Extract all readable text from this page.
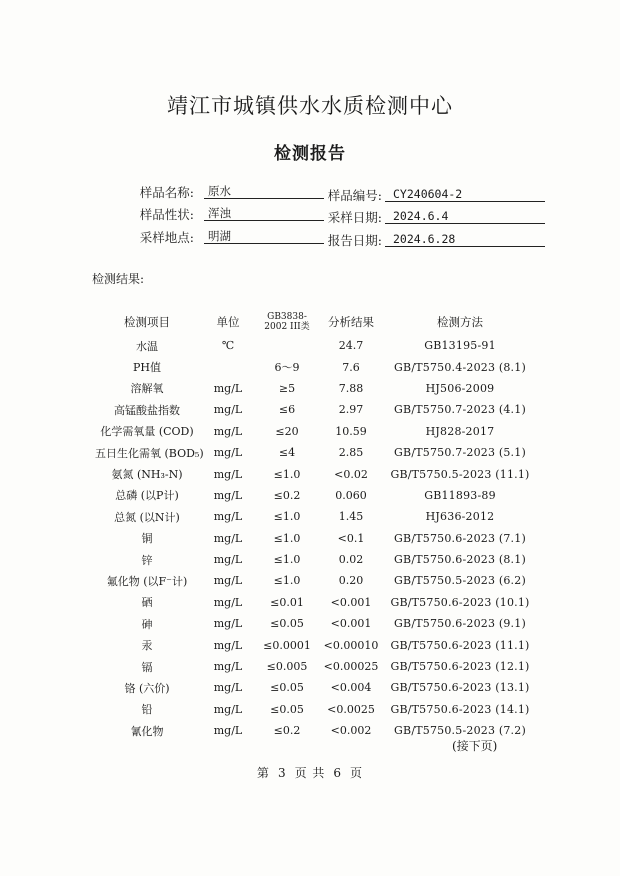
靖江市城镇供水水质检测中心
检测报告
样品名称:	原水	样品编号: CY240604-2
样品性状:	浑浊	采样日期: 2024.6.4
采样地点:	明湖	报告日期: 2024.6.28
检测结果:
检测项目	单位	GB3838-2002 III类	分析结果	检测方法
水温	℃		24.7	GB13195-91
PH值		6～9	7.6	GB/T5750.4-2023 (8.1)
溶解氧	mg/L	≥5	7.88	HJ506-2009
高锰酸盐指数	mg/L	≤6	2.97	GB/T5750.7-2023 (4.1)
化学需氧量 (COD)	mg/L	≤20	10.59	HJ828-2017
五日生化需氧 (BOD₅)	mg/L	≤4	2.85	GB/T5750.7-2023 (5.1)
氨氮 (NH₃-N)	mg/L	≤1.0	<0.02	GB/T5750.5-2023 (11.1)
总磷 (以P计)	mg/L	≤0.2	0.060	GB11893-89
总氮 (以N计)	mg/L	≤1.0	1.45	HJ636-2012
铜	mg/L	≤1.0	<0.1	GB/T5750.6-2023 (7.1)
锌	mg/L	≤1.0	0.02	GB/T5750.6-2023 (8.1)
氟化物 (以F⁻计)	mg/L	≤1.0	0.20	GB/T5750.5-2023 (6.2)
硒	mg/L	≤0.01	<0.001	GB/T5750.6-2023 (10.1)
砷	mg/L	≤0.05	<0.001	GB/T5750.6-2023 (9.1)
汞	mg/L	≤0.0001	<0.00010	GB/T5750.6-2023 (11.1)
镉	mg/L	≤0.005	<0.00025	GB/T5750.6-2023 (12.1)
铬 (六价)	mg/L	≤0.05	<0.004	GB/T5750.6-2023 (13.1)
铅	mg/L	≤0.05	<0.0025	GB/T5750.6-2023 (14.1)
氰化物	mg/L	≤0.2	<0.002	GB/T5750.5-2023 (7.2)
(接下页)
第 3 页 共 6 页
